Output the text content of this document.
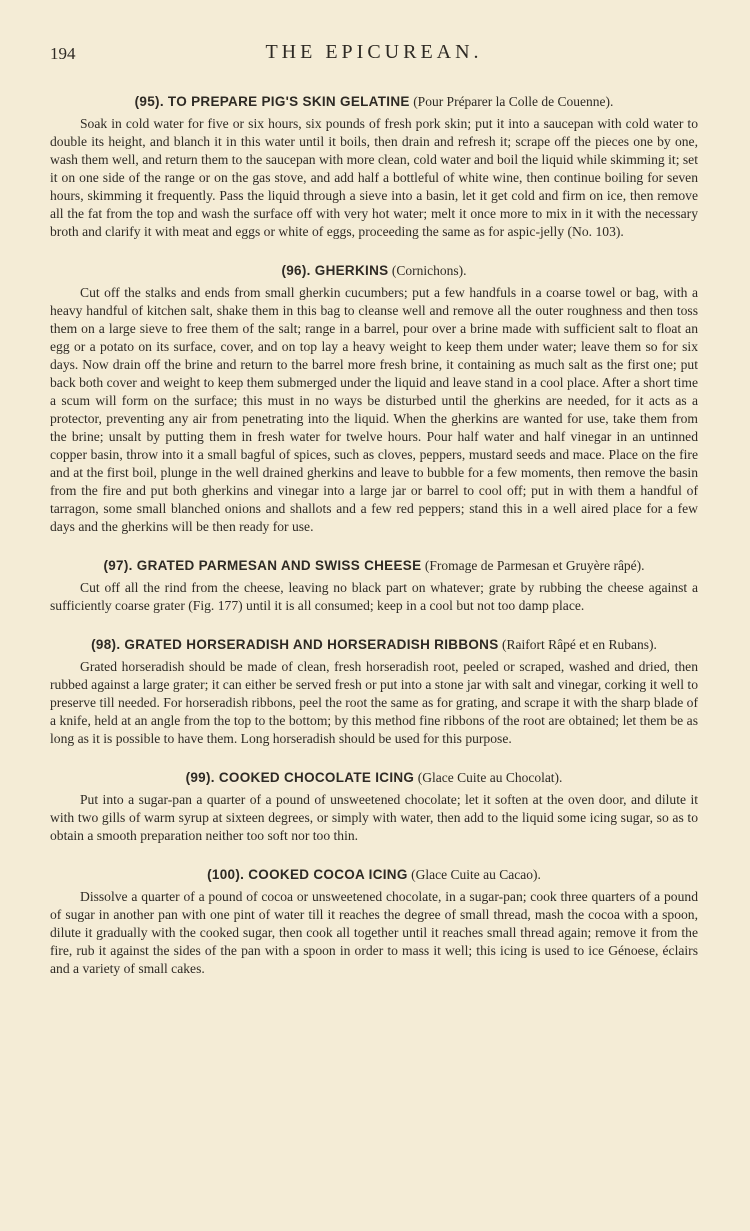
194	THE EPICUREAN.
(95). TO PREPARE PIG'S SKIN GELATINE (Pour Préparer la Colle de Couenne).

Soak in cold water for five or six hours, six pounds of fresh pork skin; put it into a saucepan with cold water to double its height, and blanch it in this water until it boils, then drain and refresh it; scrape off the pieces one by one, wash them well, and return them to the saucepan with more clean, cold water and boil the liquid while skimming it; set it on one side of the range or on the gas stove, and add half a bottleful of white wine, then continue boiling for seven hours, skimming it frequently. Pass the liquid through a sieve into a basin, let it get cold and firm on ice, then remove all the fat from the top and wash the surface off with very hot water; melt it once more to mix in it with the necessary broth and clarify it with meat and eggs or white of eggs, proceeding the same as for aspic-jelly (No. 103).

(96). GHERKINS (Cornichons).

Cut off the stalks and ends from small gherkin cucumbers; put a few handfuls in a coarse towel or bag, with a heavy handful of kitchen salt, shake them in this bag to cleanse well and remove all the outer roughness and then toss them on a large sieve to free them of the salt; range in a barrel, pour over a brine made with sufficient salt to float an egg or a potato on its surface, cover, and on top lay a heavy weight to keep them under water; leave them so for six days. Now drain off the brine and return to the barrel more fresh brine, it containing as much salt as the first one; put back both cover and weight to keep them submerged under the liquid and leave stand in a cool place. After a short time a scum will form on the surface; this must in no ways be disturbed until the gherkins are needed, for it acts as a protector, preventing any air from penetrating into the liquid. When the gherkins are wanted for use, take them from the brine; unsalt by putting them in fresh water for twelve hours. Pour half water and half vinegar in an untinned copper basin, throw into it a small bagful of spices, such as cloves, peppers, mustard seeds and mace. Place on the fire and at the first boil, plunge in the well drained gherkins and leave to bubble for a few moments, then remove the basin from the fire and put both gherkins and vinegar into a large jar or barrel to cool off; put in with them a handful of tarragon, some small blanched onions and shallots and a few red peppers; stand this in a well aired place for a few days and the gherkins will be then ready for use.

(97). GRATED PARMESAN AND SWISS CHEESE (Fromage de Parmesan et Gruyère râpé).

Cut off all the rind from the cheese, leaving no black part on whatever; grate by rubbing the cheese against a sufficiently coarse grater (Fig. 177) until it is all consumed; keep in a cool but not too damp place.

(98). GRATED HORSERADISH AND HORSERADISH RIBBONS (Raifort Râpé et en Rubans).

Grated horseradish should be made of clean, fresh horseradish root, peeled or scraped, washed and dried, then rubbed against a large grater; it can either be served fresh or put into a stone jar with salt and vinegar, corking it well to preserve till needed. For horseradish ribbons, peel the root the same as for grating, and scrape it with the sharp blade of a knife, held at an angle from the top to the bottom; by this method fine ribbons of the root are obtained; let them be as long as it is possible to have them. Long horseradish should be used for this purpose.

(99). COOKED CHOCOLATE ICING (Glace Cuite au Chocolat).

Put into a sugar-pan a quarter of a pound of unsweetened chocolate; let it soften at the oven door, and dilute it with two gills of warm syrup at sixteen degrees, or simply with water, then add to the liquid some icing sugar, so as to obtain a smooth preparation neither too soft nor too thin.

(100). COOKED COCOA ICING (Glace Cuite au Cacao).

Dissolve a quarter of a pound of cocoa or unsweetened chocolate, in a sugar-pan; cook three quarters of a pound of sugar in another pan with one pint of water till it reaches the degree of small thread, mash the cocoa with a spoon, dilute it gradually with the cooked sugar, then cook all together until it reaches small thread again; remove it from the fire, rub it against the sides of the pan with a spoon in order to mass it well; this icing is used to ice Génoese, éclairs and a variety of small cakes.
